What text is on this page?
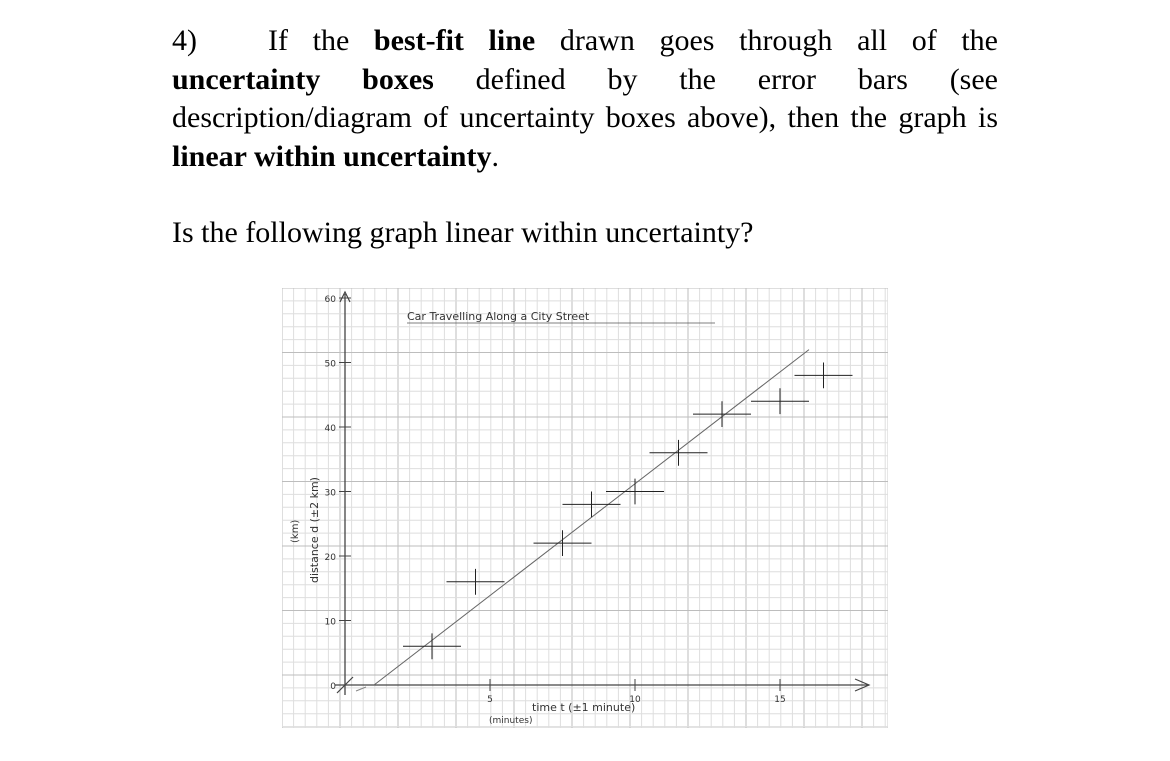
4) If the best-fit line drawn goes through all of the uncertainty boxes defined by the error bars (see description/diagram of uncertainty boxes above), then the graph is linear within uncertainty.

Is the following graph linear within uncertainty?

0
10
20
30
40
50
60
5	10	15
Car Travelling Along a City Street
time t (±1 minute)
(minutes)
distance d (±2 km)
(km)
